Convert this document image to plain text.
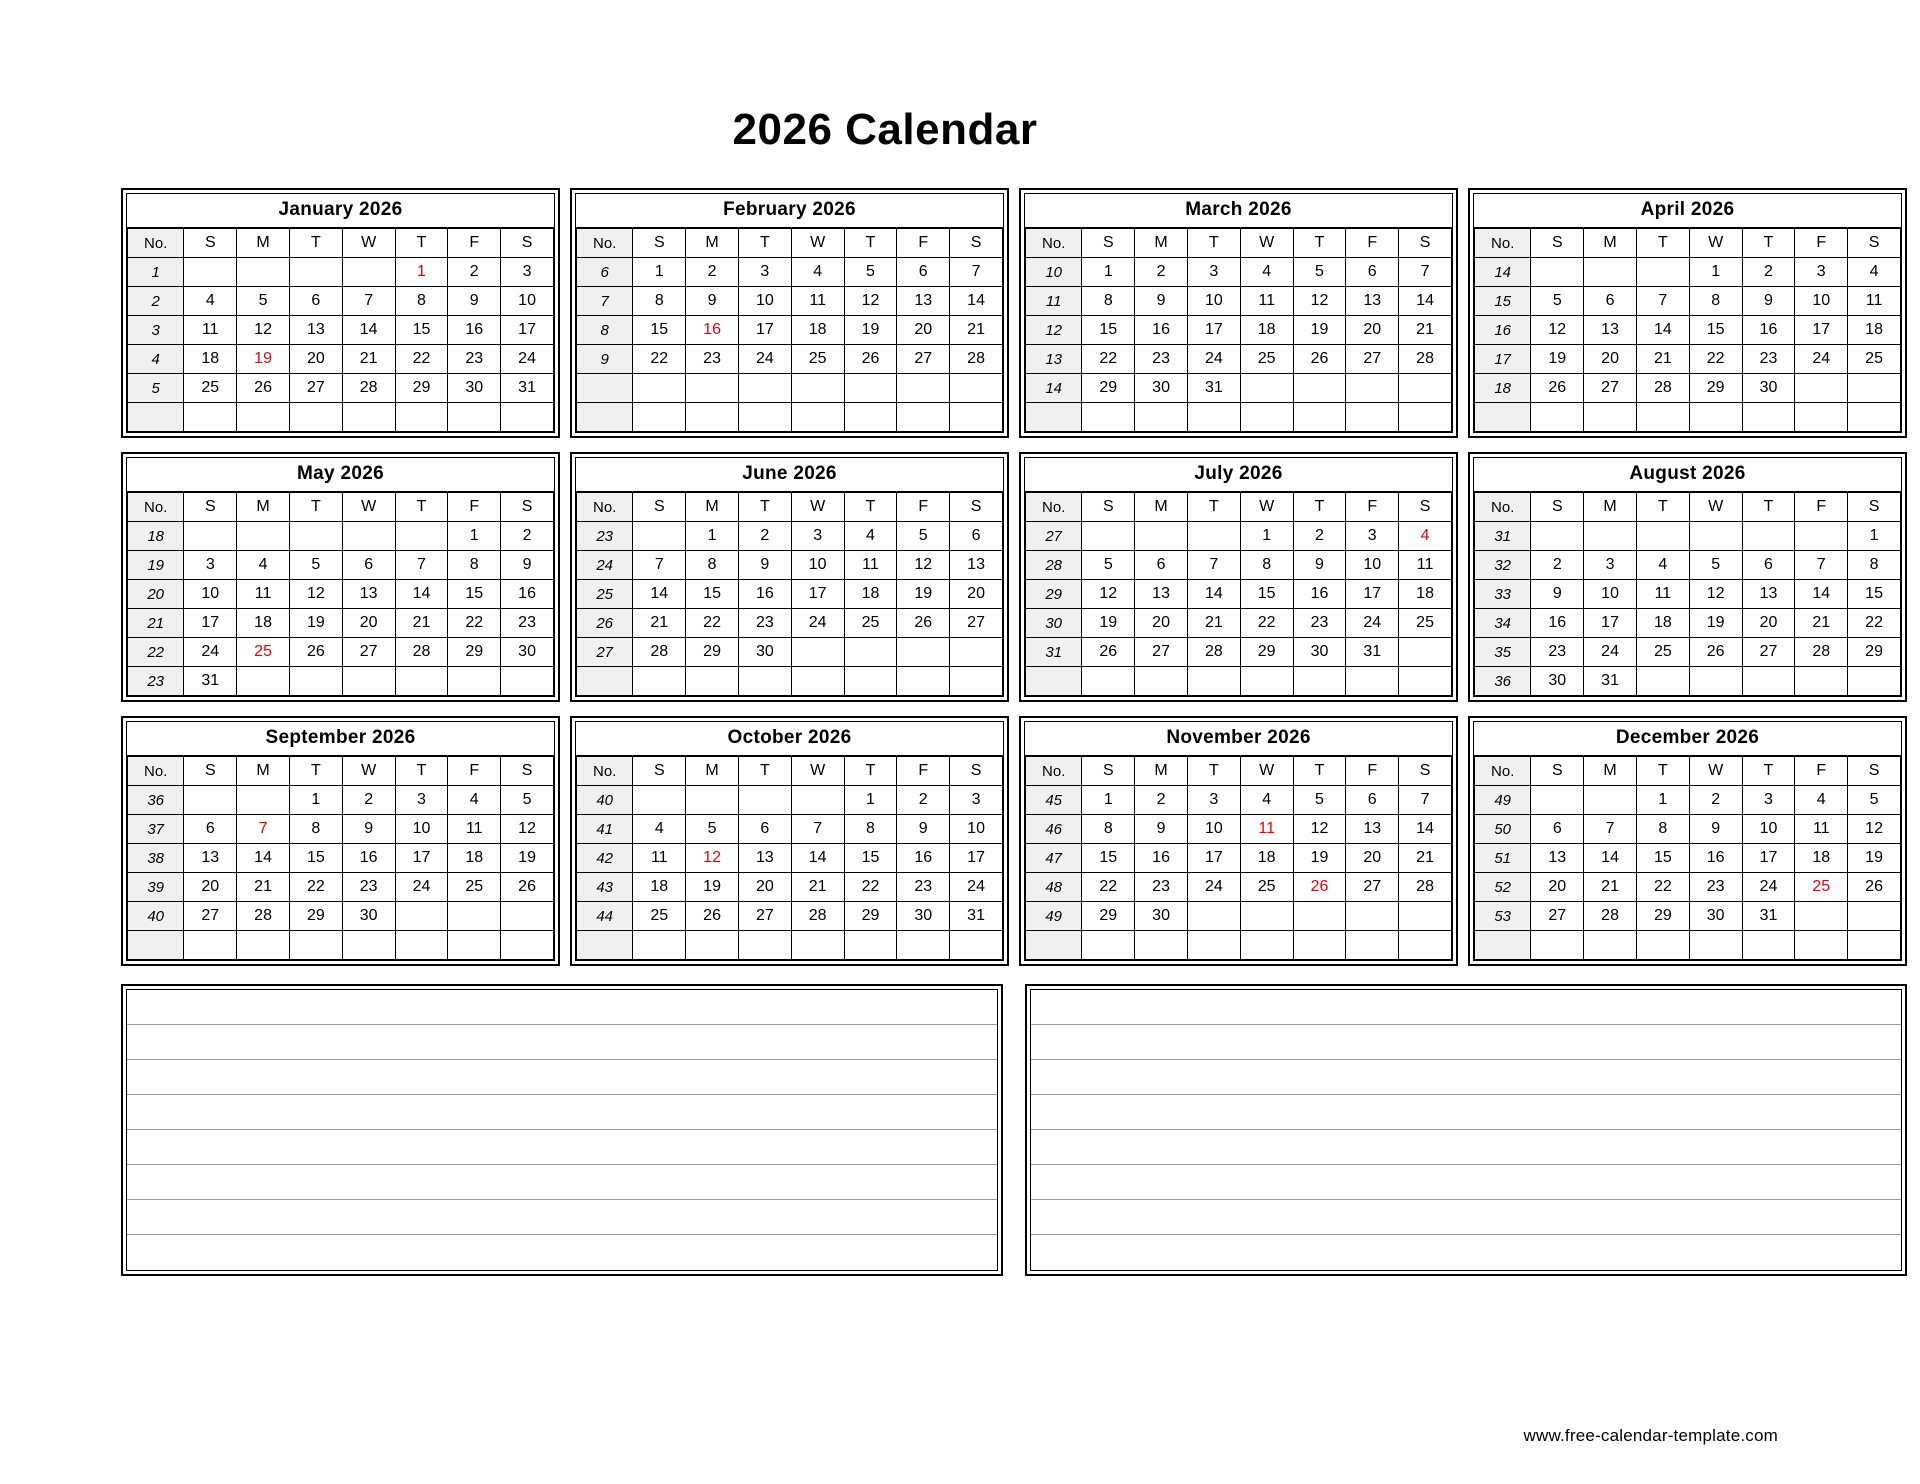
2026 Calendar
January 2026
No.	S	M	T	W	T	F	S
1					1	2	3
2	4	5	6	7	8	9	10
3	11	12	13	14	15	16	17
4	18	19	20	21	22	23	24
5	25	26	27	28	29	30	31

February 2026
No.	S	M	T	W	T	F	S
6	1	2	3	4	5	6	7
7	8	9	10	11	12	13	14
8	15	16	17	18	19	20	21
9	22	23	24	25	26	27	28

March 2026
No.	S	M	T	W	T	F	S
10	1	2	3	4	5	6	7
11	8	9	10	11	12	13	14
12	15	16	17	18	19	20	21
13	22	23	24	25	26	27	28
14	29	30	31				

April 2026
No.	S	M	T	W	T	F	S
14				1	2	3	4
15	5	6	7	8	9	10	11
16	12	13	14	15	16	17	18
17	19	20	21	22	23	24	25
18	26	27	28	29	30		

May 2026
No.	S	M	T	W	T	F	S
18						1	2
19	3	4	5	6	7	8	9
20	10	11	12	13	14	15	16
21	17	18	19	20	21	22	23
22	24	25	26	27	28	29	30
23	31						
June 2026
No.	S	M	T	W	T	F	S
23		1	2	3	4	5	6
24	7	8	9	10	11	12	13
25	14	15	16	17	18	19	20
26	21	22	23	24	25	26	27
27	28	29	30				

July 2026
No.	S	M	T	W	T	F	S
27				1	2	3	4
28	5	6	7	8	9	10	11
29	12	13	14	15	16	17	18
30	19	20	21	22	23	24	25
31	26	27	28	29	30	31	

August 2026
No.	S	M	T	W	T	F	S
31							1
32	2	3	4	5	6	7	8
33	9	10	11	12	13	14	15
34	16	17	18	19	20	21	22
35	23	24	25	26	27	28	29
36	30	31					
September 2026
No.	S	M	T	W	T	F	S
36			1	2	3	4	5
37	6	7	8	9	10	11	12
38	13	14	15	16	17	18	19
39	20	21	22	23	24	25	26
40	27	28	29	30			

October 2026
No.	S	M	T	W	T	F	S
40					1	2	3
41	4	5	6	7	8	9	10
42	11	12	13	14	15	16	17
43	18	19	20	21	22	23	24
44	25	26	27	28	29	30	31

November 2026
No.	S	M	T	W	T	F	S
45	1	2	3	4	5	6	7
46	8	9	10	11	12	13	14
47	15	16	17	18	19	20	21
48	22	23	24	25	26	27	28
49	29	30					

December 2026
No.	S	M	T	W	T	F	S
49			1	2	3	4	5
50	6	7	8	9	10	11	12
51	13	14	15	16	17	18	19
52	20	21	22	23	24	25	26
53	27	28	29	30	31		

www.free-calendar-template.com
